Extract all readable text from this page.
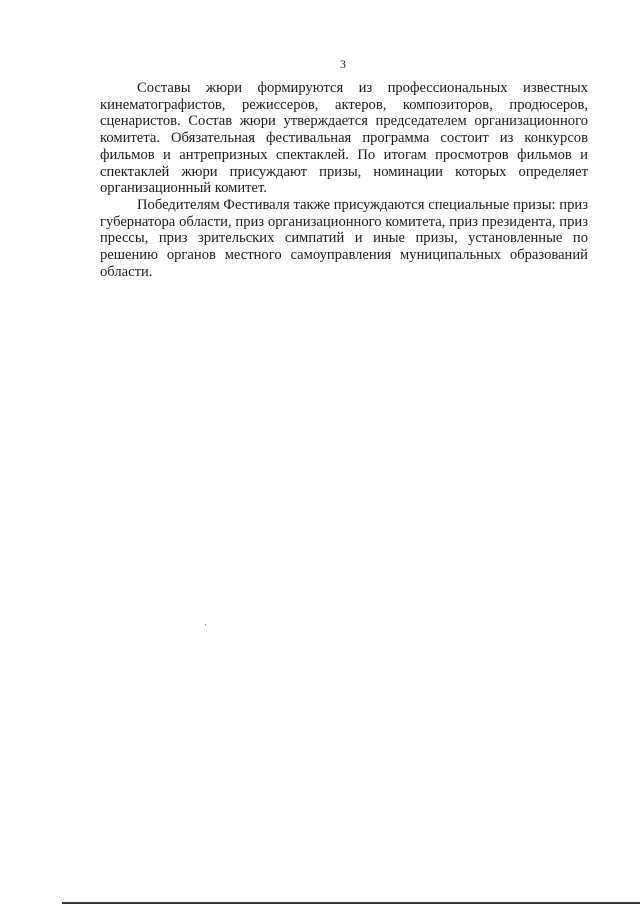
3

Составы жюри формируются из профессиональных известных кинематографистов, режиссеров, актеров, композиторов, продюсеров, сценаристов. Состав жюри утверждается председателем организационного комитета. Обязательная фестивальная программа состоит из конкурсов фильмов и антрепризных спектаклей. По итогам просмотров фильмов и спектаклей жюри присуждают призы, номинации которых определяет организационный комитет.

Победителям Фестиваля также присуждаются специальные призы: приз губернатора области, приз организационного комитета, приз президента, приз прессы, приз зрительских симпатий и иные призы, установленные по решению органов местного самоуправления муниципальных образований области.
